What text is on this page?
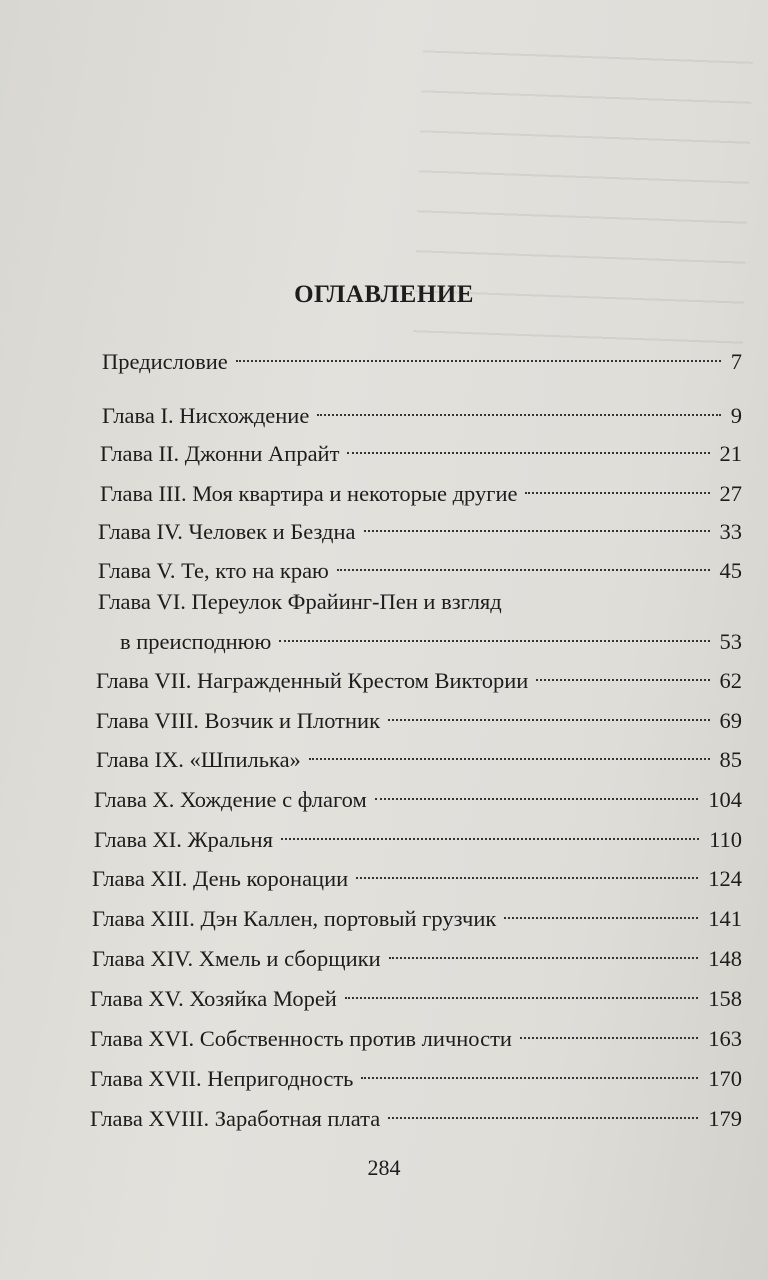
ОГЛАВЛЕНИЕ
Предисловие	7
Глава I. Нисхождение	9
Глава II. Джонни Апрайт	21
Глава III. Моя квартира и некоторые другие	27
Глава IV. Человек и Бездна	33
Глава V. Те, кто на краю	45
Глава VI. Переулок Фрайинг-Пен и взгляд
в преисподнюю	53
Глава VII. Награжденный Крестом Виктории	62
Глава VIII. Возчик и Плотник	69
Глава IX. «Шпилька»	85
Глава X. Хождение с флагом	104
Глава XI. Жральня	110
Глава XII. День коронации	124
Глава XIII. Дэн Каллен, портовый грузчик	141
Глава XIV. Хмель и сборщики	148
Глава XV. Хозяйка Морей	158
Глава XVI. Собственность против личности	163
Глава XVII. Непригодность	170
Глава XVIII. Заработная плата	179
284
